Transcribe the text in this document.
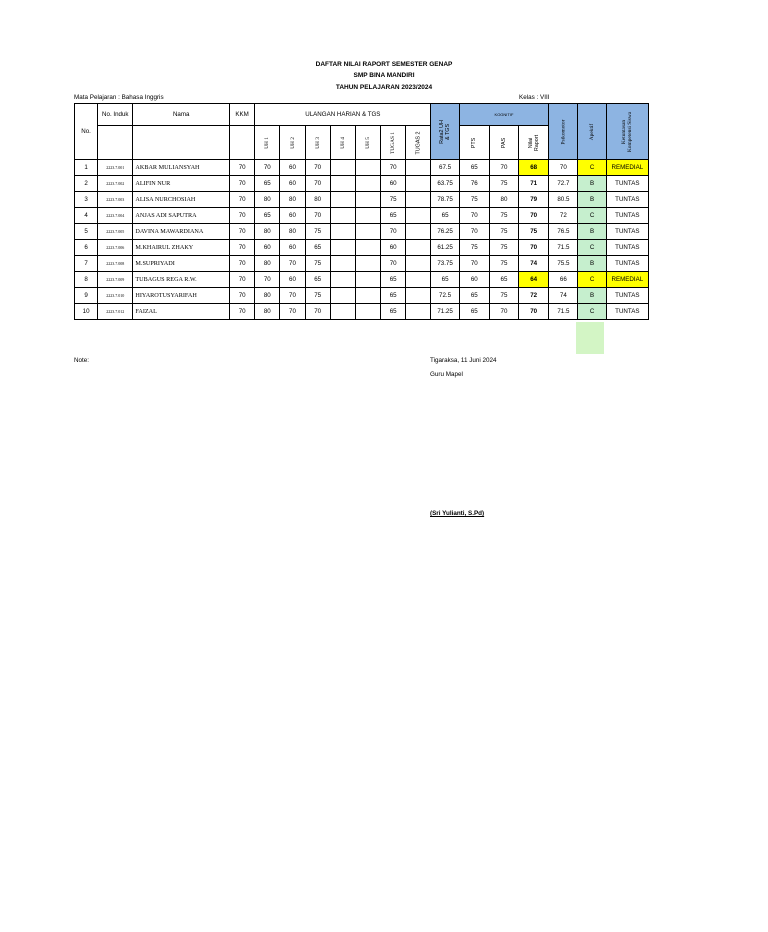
DAFTAR NILAI RAPORT SEMESTER GENAP
SMP BINA MANDIRI
TAHUN PELAJARAN 2023/2024
Mata Pelajaran : Bahasa Inggris	Kelas : VIII
No.	No. Induk	Nama	KKM	ULANGAN HARIAN & TGS							Rata2 UH
& TGS	KOGNITIF			Psikomotor	Apektif	Ketuntasan
Kompetensi Siswa
				UH 1	UH 2	UH 3	UH 4	UH 5	TUGAS 1	TUGAS 2		PTS	PAS	Nilai
Raport			
1	2223.7.001	AKBAR MULIANSYAH	70	70	60	70			70		67.5	65	70	68	70	C	REMEDIAL
2	2223.7.002	ALIFIN NUR	70	65	60	70			60		63.75	76	75	71	72.7	B	TUNTAS
3	2223.7.003	ALISA NURCHOSIAH	70	80	80	80			75		78.75	75	80	79	80.5	B	TUNTAS
4	2223.7.004	ANJAS ADI SAPUTRA	70	65	60	70			65		65	70	75	70	72	C	TUNTAS
5	2223.7.005	DAVINA MAWARDIANA	70	80	80	75			70		76.25	70	75	75	76.5	B	TUNTAS
6	2223.7.006	M.KHAIRUL ZHAKY	70	60	60	65			60		61.25	75	75	70	71.5	C	TUNTAS
7	2223.7.008	M.SUPRIYADI	70	80	70	75			70		73.75	70	75	74	75.5	B	TUNTAS
8	2223.7.009	TUBAGUS REGA R.W.	70	70	60	65			65		65	60	65	64	66	C	REMEDIAL
9	2223.7.010	HIYAROTUSYARIFAH	70	80	70	75			65		72.5	65	75	72	74	B	TUNTAS
10	2223.7.012	FAIZAL	70	80	70	70			65		71.25	65	70	70	71.5	C	TUNTAS
Note:	Tigaraksa, 11 Juni 2024
Guru Mapel
(Sri Yulianti, S.Pd)
